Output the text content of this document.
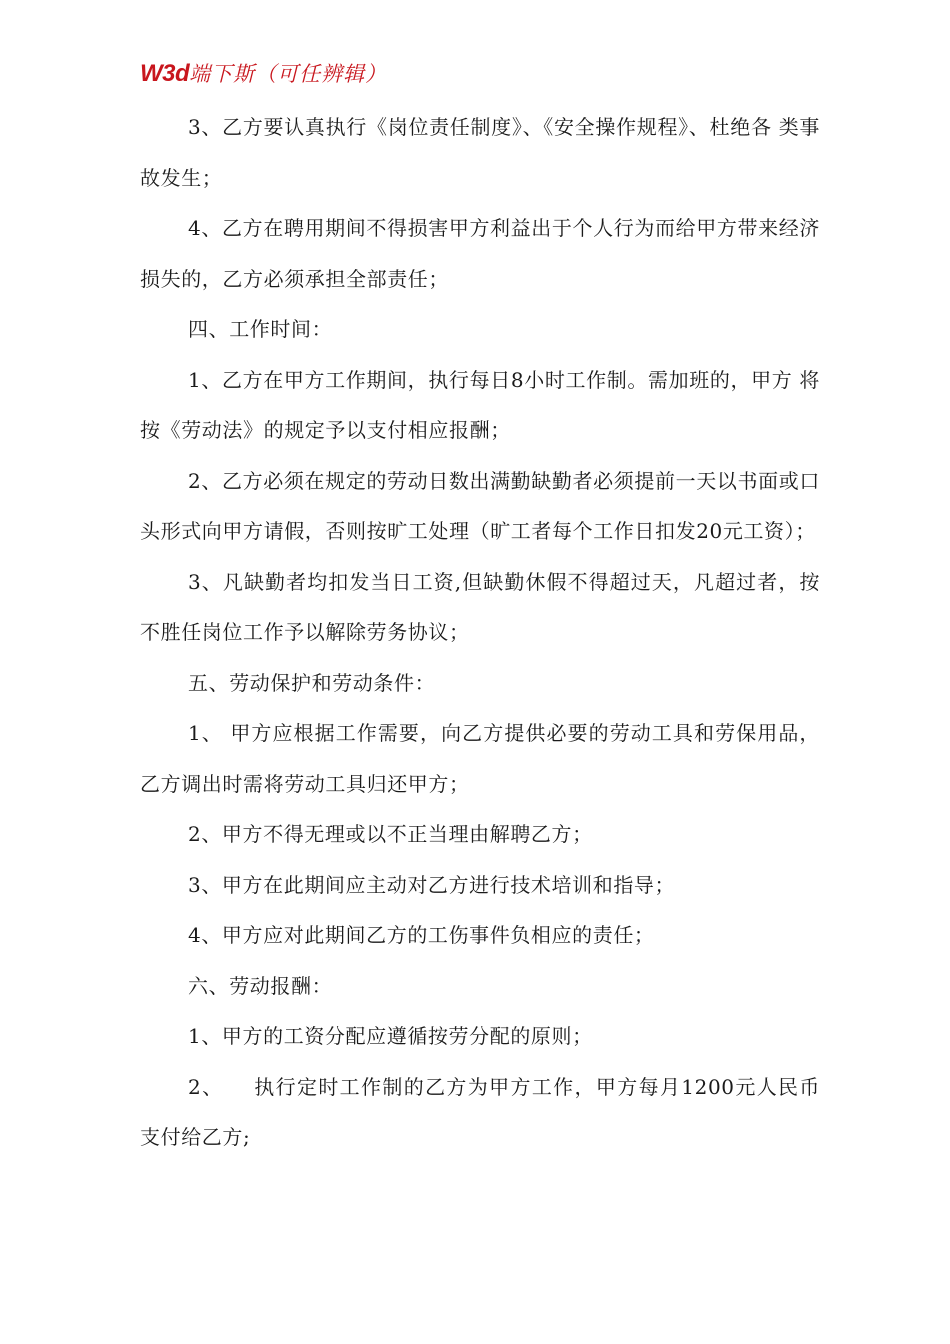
W3d端下斯（可任辨辑）

3、乙方要认真执行《岗位责任制度》、《安全操作规程》、杜绝各 类事故发生；

4、乙方在聘用期间不得损害甲方利益出于个人行为而给甲方带来经济损失的，乙方必须承担全部责任；

四、工作时间：

1、乙方在甲方工作期间，执行每日8小时工作制。需加班的，甲方 将按《劳动法》的规定予以支付相应报酬；

2、乙方必须在规定的劳动日数出满勤缺勤者必须提前一天以书面或口头形式向甲方请假，否则按旷工处理（旷工者每个工作日扣发20元工资）；

3、凡缺勤者均扣发当日工资,但缺勤休假不得超过天，凡超过者，按不胜任岗位工作予以解除劳务协议；

五、劳动保护和劳动条件：

1、 甲方应根据工作需要，向乙方提供必要的劳动工具和劳保用品，乙方调出时需将劳动工具归还甲方；

2、甲方不得无理或以不正当理由解聘乙方；

3、甲方在此期间应主动对乙方进行技术培训和指导；

4、甲方应对此期间乙方的工伤事件负相应的责任；

六、劳动报酬：

1、甲方的工资分配应遵循按劳分配的原则；

2、    执行定时工作制的乙方为甲方工作，甲方每月1200元人民币 支付给乙方;
